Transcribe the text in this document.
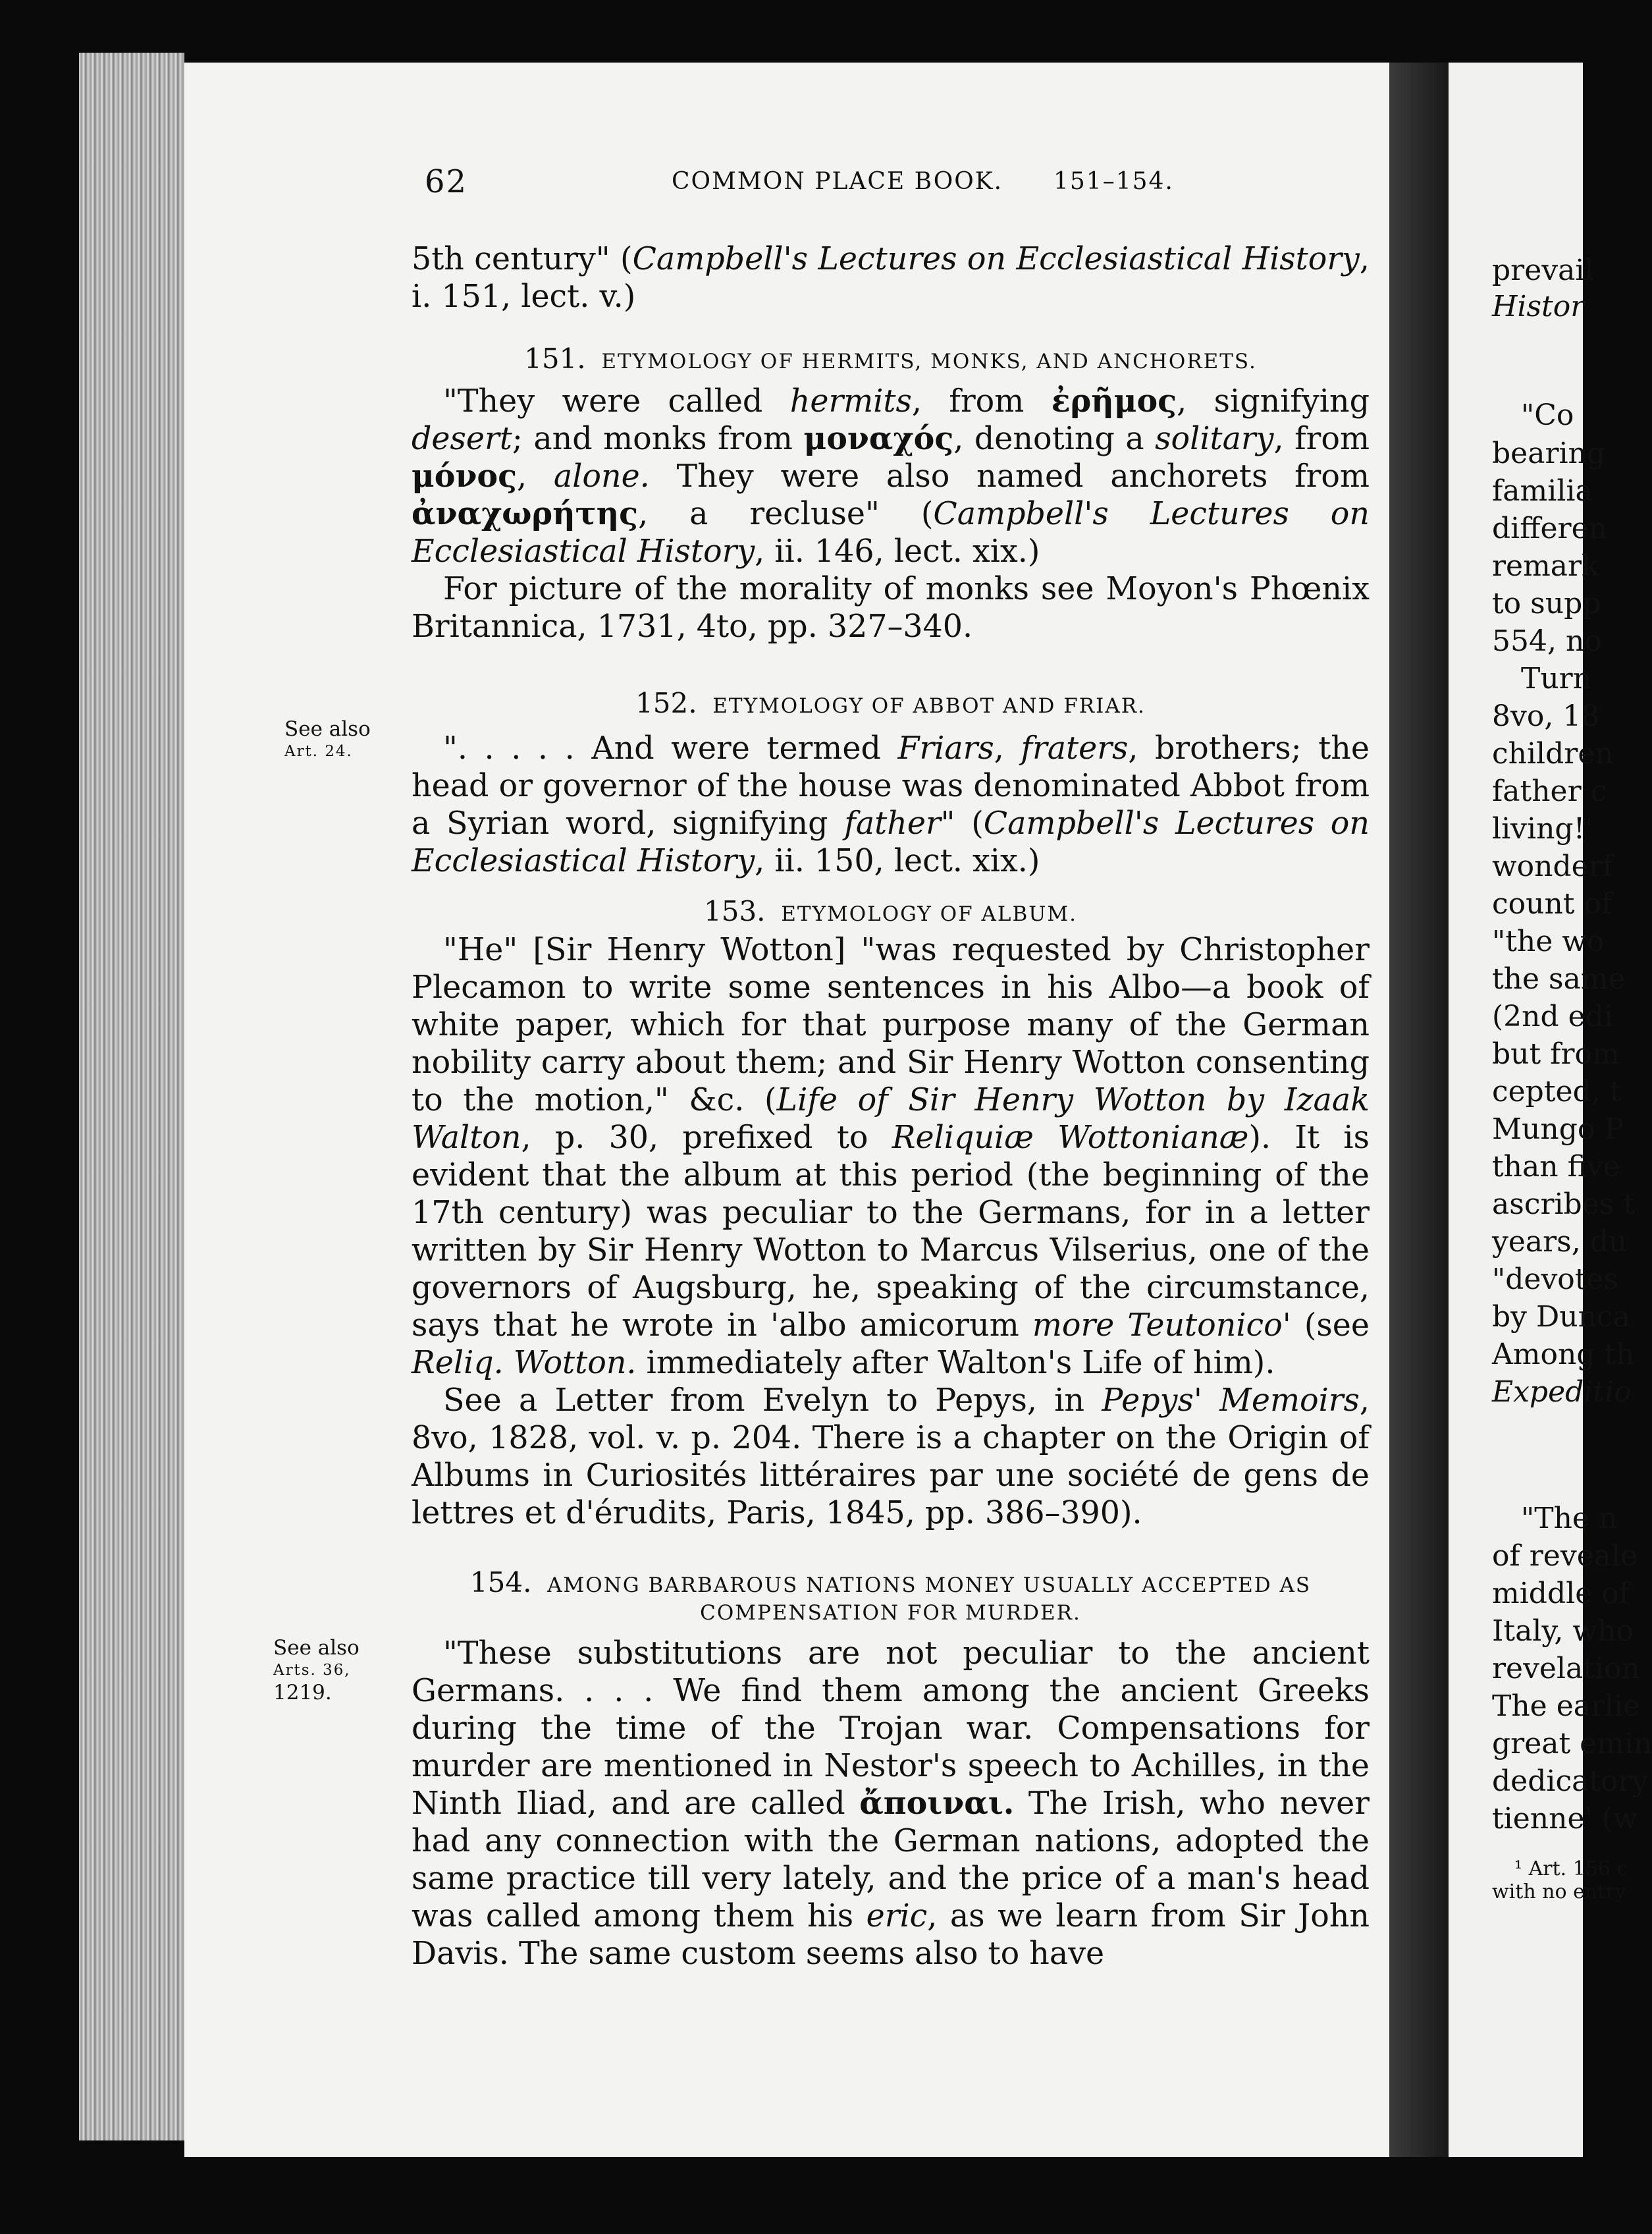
prevail
Histor
"Co
bearing
familia
differen
remark
to supp
554, no
Turn
8vo, 18
children
father c
living!'
wonderf
count of
"the wo
the same
(2nd edi
but from
cepted, t
Mungo P
than five
ascribes t
years, du
"devotes
by Dunca
Among th
Expeditio
"The n
of reveale
middle of
Italy, who
revelation
The earlie
great emin
dedicatory
tienne' (w
¹ Art. 156 c
with no entry
62	COMMON PLACE BOOK. 151–154.
See also
Art. 24.
See also
Arts. 36,
1219.

5th century" (Campbell's Lectures on Ecclesiastical History,

i. 151, lect. v.)

151. ETYMOLOGY OF HERMITS, MONKS, AND ANCHORETS.

"They were called hermits, from ἐρῆμος, signifying desert; and monks from μοναχός, denoting a solitary, from μόνος, alone. They were also named anchorets from ἀναχωρήτης, a recluse" (Campbell's Lectures on Ecclesiastical History, ii. 146, lect. xix.)

For picture of the morality of monks see Moyon's Phœnix Britannica, 1731, 4to, pp. 327–340.

152. ETYMOLOGY OF ABBOT AND FRIAR.

". . . . . And were termed Friars, fraters, brothers; the head or governor of the house was denominated Abbot from a Syrian word, signifying father" (Campbell's Lectures on Ecclesiastical History, ii. 150, lect. xix.)

153. ETYMOLOGY OF ALBUM.

"He" [Sir Henry Wotton] "was requested by Christopher Plecamon to write some sentences in his Albo—a book of white paper, which for that purpose many of the German nobility carry about them; and Sir Henry Wotton consenting to the motion," &c. (Life of Sir Henry Wotton by Izaak Walton, p. 30, prefixed to Reliquiæ Wottonianæ). It is evident that the album at this period (the beginning of the 17th century) was peculiar to the Germans, for in a letter written by Sir Henry Wotton to Marcus Vilserius, one of the governors of Augsburg, he, speaking of the circumstance, says that he wrote in 'albo amicorum more Teutonico' (see Reliq. Wotton. immediately after Walton's Life of him).

See a Letter from Evelyn to Pepys, in Pepys' Memoirs, 8vo, 1828, vol. v. p. 204. There is a chapter on the Origin of Albums in Curiosités littéraires par une société de gens de lettres et d'érudits, Paris, 1845, pp. 386–390).

154. AMONG BARBAROUS NATIONS MONEY USUALLY ACCEPTED AS

COMPENSATION FOR MURDER.

"These substitutions are not peculiar to the ancient Germans. . . . We find them among the ancient Greeks during the time of the Trojan war. Compensations for murder are mentioned in Nestor's speech to Achilles, in the Ninth Iliad, and are called ἄποιναι. The Irish, who never had any connection with the German nations, adopted the same practice till very lately, and the price of a man's head was called among them his eric, as we learn from Sir John Davis. The same custom seems also to have
